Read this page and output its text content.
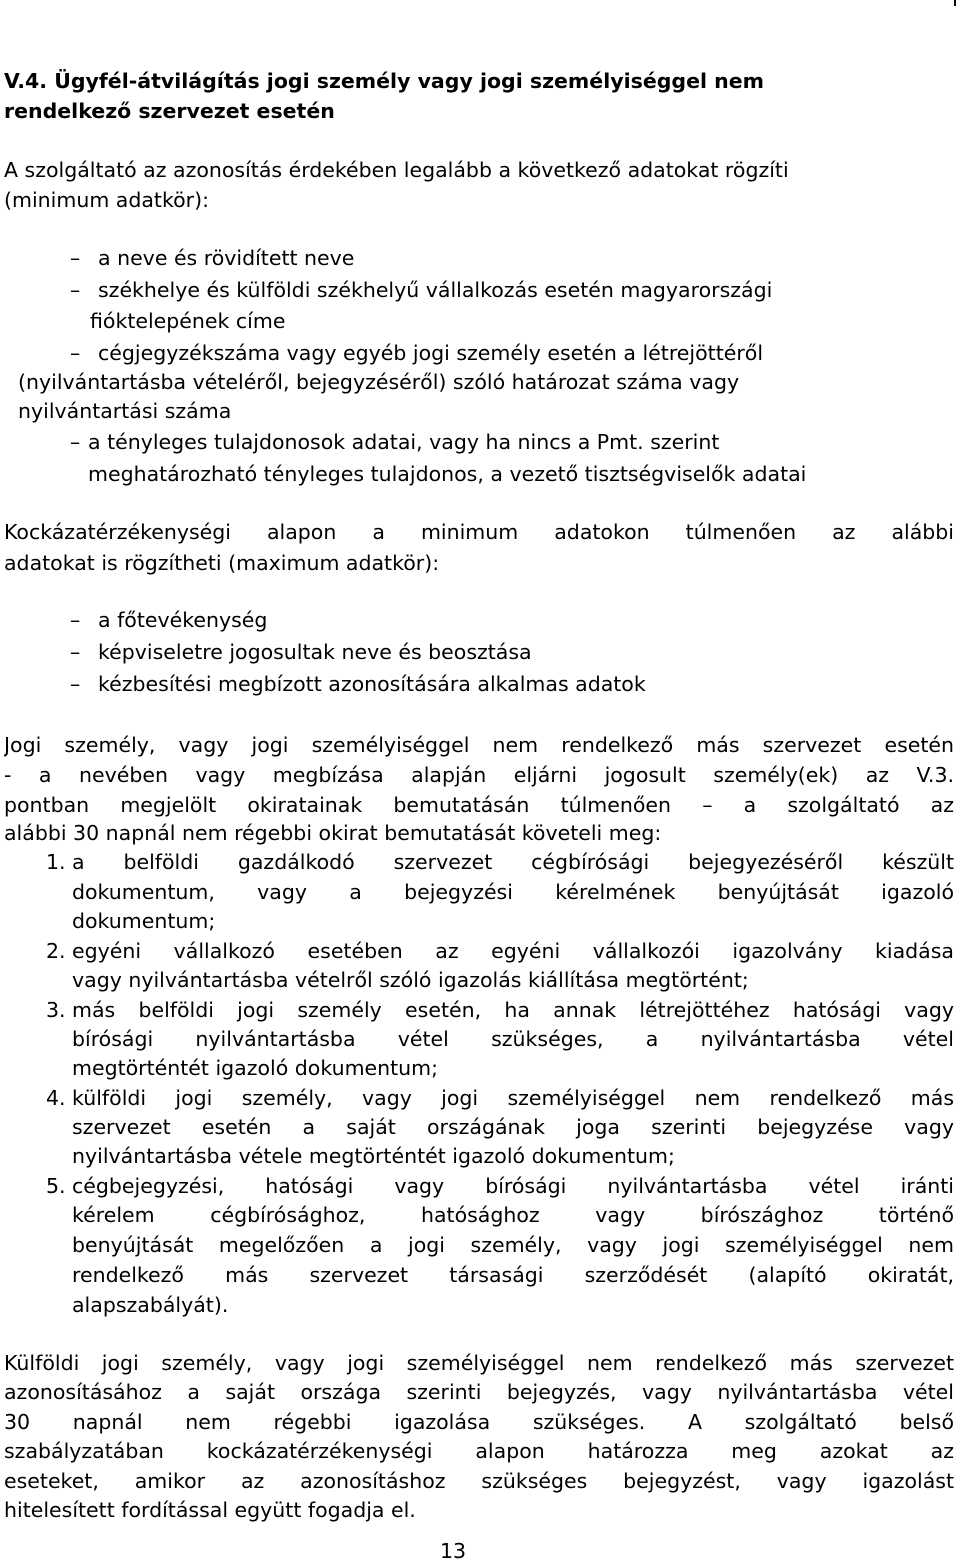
V.4. Ügyfél-átvilágítás jogi személy vagy jogi személyiséggel nem
rendelkező szervezet esetén
A szolgáltató az azonosítás érdekében legalább a következő adatokat rögzíti
(minimum adatkör):
– a neve és rövidített neve
– székhelye és külföldi székhelyű vállalkozás esetén magyarországi
fióktelepének címe
– cégjegyzékszáma vagy egyéb jogi személy esetén a létrejöttéről
(nyilvántartásba vételéről, bejegyzéséről) szóló határozat száma vagy
nyilvántartási száma
– a tényleges tulajdonosok adatai, vagy ha nincs a Pmt. szerint
meghatározható tényleges tulajdonos, a vezető tisztségviselők adatai
Kockázatérzékenységi alapon a minimum adatokon túlmenően az alábbi
adatokat is rögzítheti (maximum adatkör):
– a főtevékenység
– képviseletre jogosultak neve és beosztása
– kézbesítési megbízott azonosítására alkalmas adatok
Jogi személy, vagy jogi személyiséggel nem rendelkező más szervezet esetén
- a nevében vagy megbízása alapján eljárni jogosult személy(ek) az V.3.
pontban megjelölt okiratainak bemutatásán túlmenően – a szolgáltató az
alábbi 30 napnál nem régebbi okirat bemutatását követeli meg:
1. a belföldi gazdálkodó szervezet cégbírósági bejegyezéséről készült
dokumentum, vagy a bejegyzési kérelmének benyújtását igazoló
dokumentum;
2. egyéni vállalkozó esetében az egyéni vállalkozói igazolvány kiadása
vagy nyilvántartásba vételről szóló igazolás kiállítása megtörtént;
3. más belföldi jogi személy esetén, ha annak létrejöttéhez hatósági vagy
bírósági nyilvántartásba vétel szükséges, a nyilvántartásba vétel
megtörténtét igazoló dokumentum;
4. külföldi jogi személy, vagy jogi személyiséggel nem rendelkező más
szervezet esetén a saját országának joga szerinti bejegyzése vagy
nyilvántartásba vétele megtörténtét igazoló dokumentum;
5. cégbejegyzési, hatósági vagy bírósági nyilvántartásba vétel iránti
kérelem cégbírósághoz, hatósághoz vagy bírószághoz történő
benyújtását megelőzően a jogi személy, vagy jogi személyiséggel nem
rendelkező más szervezet társasági szerződését (alapító okiratát,
alapszabályát).
Külföldi jogi személy, vagy jogi személyiséggel nem rendelkező más szervezet
azonosításához a saját országa szerinti bejegyzés, vagy nyilvántartásba vétel
30 napnál nem régebbi igazolása szükséges. A szolgáltató belső
szabályzatában kockázatérzékenységi alapon határozza meg azokat az
eseteket, amikor az azonosításhoz szükséges bejegyzést, vagy igazolást
hitelesített fordítással együtt fogadja el.
13
